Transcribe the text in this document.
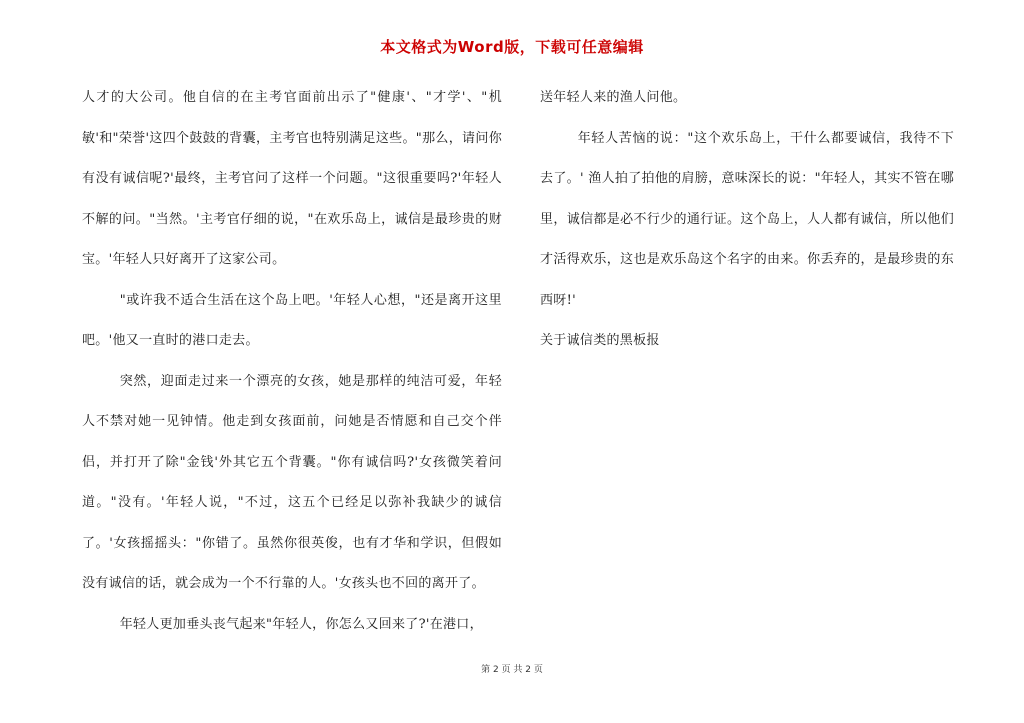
本文格式为Word版，下载可任意编辑

人才的大公司。他自信的在主考官面前出示了"健康'、"才学'、"机敏'和"荣誉'这四个鼓鼓的背囊，主考官也特别满足这些。"那么，请问你有没有诚信呢?'最终，主考官问了这样一个问题。"这很重要吗?'年轻人不解的问。"当然。'主考官仔细的说，"在欢乐岛上，诚信是最珍贵的财宝。'年轻人只好离开了这家公司。

"或许我不适合生活在这个岛上吧。'年轻人心想，"还是离开这里吧。'他又一直时的港口走去。

突然，迎面走过来一个漂亮的女孩，她是那样的纯洁可爱，年轻人不禁对她一见钟情。他走到女孩面前，问她是否情愿和自己交个伴侣，并打开了除"金钱'外其它五个背囊。"你有诚信吗?'女孩微笑着问道。"没有。'年轻人说，"不过，这五个已经足以弥补我缺少的诚信了。'女孩摇摇头："你错了。虽然你很英俊，也有才华和学识，但假如没有诚信的话，就会成为一个不行靠的人。'女孩头也不回的离开了。

年轻人更加垂头丧气起来"年轻人，你怎么又回来了?'在港口，

送年轻人来的渔人问他。

年轻人苦恼的说："这个欢乐岛上，干什么都要诚信，我待不下去了。' 渔人拍了拍他的肩膀，意味深长的说："年轻人，其实不管在哪里，诚信都是必不行少的通行证。这个岛上，人人都有诚信，所以他们才活得欢乐，这也是欢乐岛这个名字的由来。你丢弃的，是最珍贵的东西呀!'

关于诚信类的黑板报

第 2 页 共 2 页
